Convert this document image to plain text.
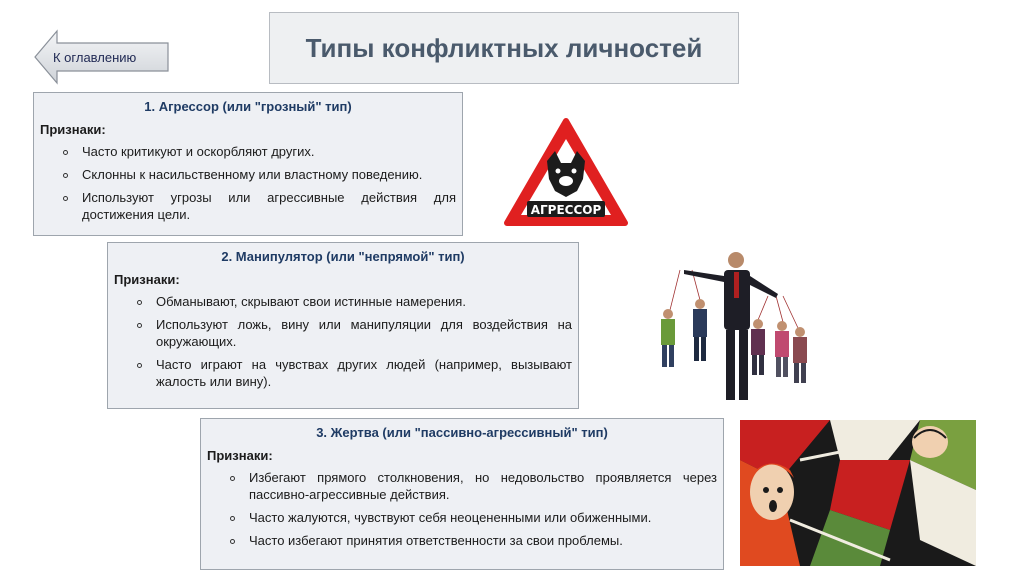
Типы конфликтных личностей
К оглавлению
1. Агрессор (или "грозный" тип)
Признаки:
Часто критикуют и оскорбляют других.
Склонны к насильственному или властному поведению.
Используют угрозы или агрессивные действия для достижения цели.
2. Манипулятор (или "непрямой" тип)
Признаки:
Обманывают, скрывают свои истинные намерения.
Используют ложь, вину или манипуляции для воздействия на окружающих.
Часто играют на чувствах других людей (например, вызывают жалость или вину).
3. Жертва (или "пассивно-агрессивный" тип)
Признаки:
Избегают прямого столкновения, но недовольство проявляется через пассивно-агрессивные действия.
Часто жалуются, чувствуют себя неоцененными или обиженными.
Часто избегают принятия ответственности за свои проблемы.
АГРЕССОР
